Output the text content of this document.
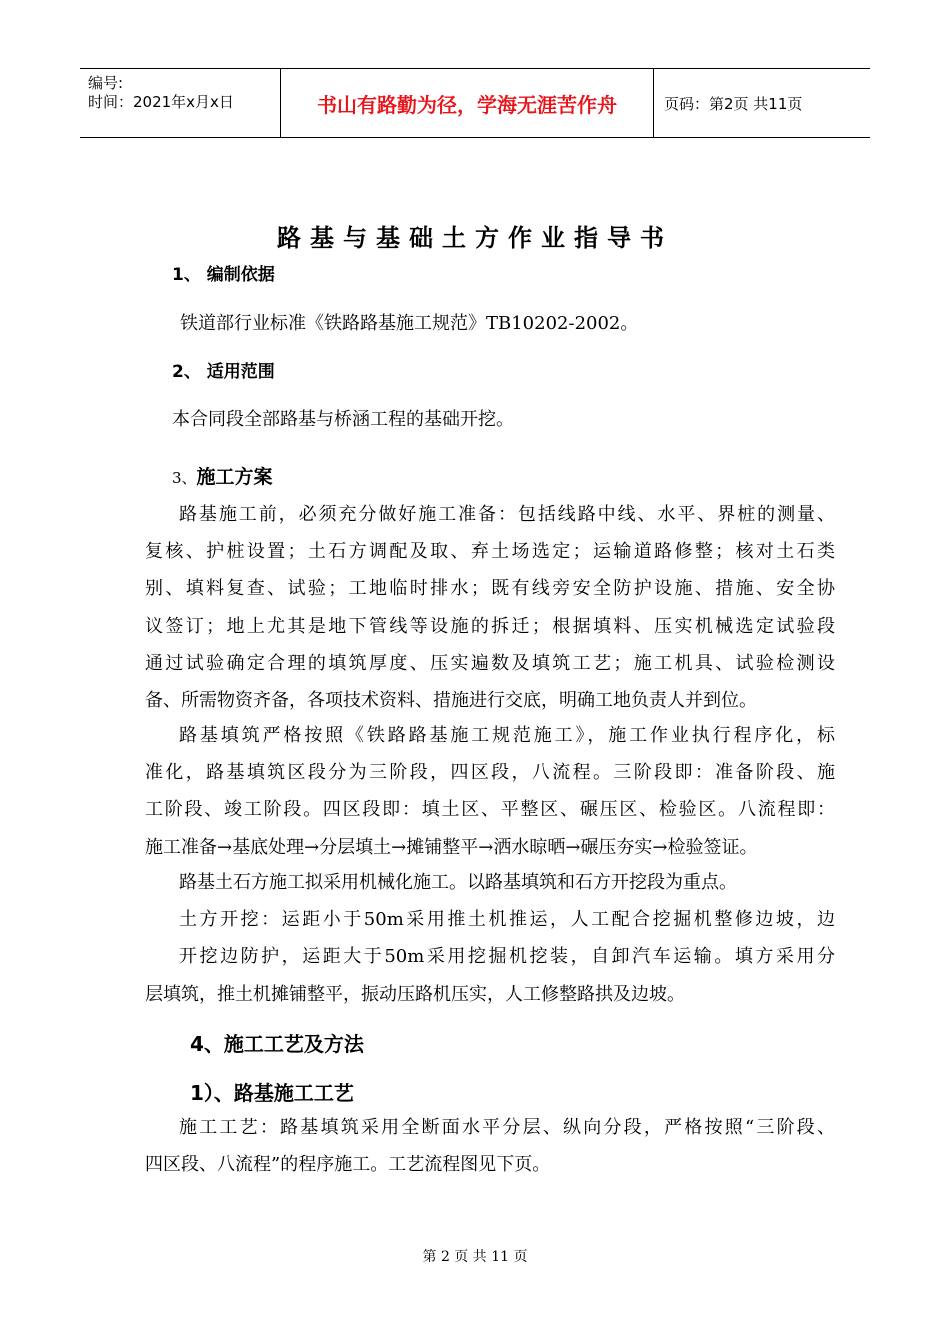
编号:
时间：2021年x月x日	书山有路勤为径，学海无涯苦作舟	页码：第2页 共11页
路基与基础土方作业指导书
1、 编制依据
铁道部行业标准《铁路路基施工规范》TB10202-2002。
2、 适用范围
本合同段全部路基与桥涵工程的基础开挖。
3、施工方案
路基施工前，必须充分做好施工准备：包括线路中线、水平、界桩的测量、
复核、护桩设置；土石方调配及取、弃土场选定；运输道路修整；核对土石类
别、填料复查、试验；工地临时排水；既有线旁安全防护设施、措施、安全协
议签订；地上尤其是地下管线等设施的拆迁；根据填料、压实机械选定试验段
通过试验确定合理的填筑厚度、压实遍数及填筑工艺；施工机具、试验检测设
备、所需物资齐备，各项技术资料、措施进行交底，明确工地负责人并到位。
路基填筑严格按照《铁路路基施工规范施工》，施工作业执行程序化，标
准化，路基填筑区段分为三阶段，四区段，八流程。三阶段即：准备阶段、施
工阶段、竣工阶段。四区段即：填土区、平整区、碾压区、检验区。八流程即：
施工准备→基底处理→分层填土→摊铺整平→洒水晾晒→碾压夯实→检验签证。
路基土石方施工拟采用机械化施工。以路基填筑和石方开挖段为重点。
土方开挖：运距小于50m采用推土机推运，人工配合挖掘机整修边坡，边
开挖边防护，运距大于50m采用挖掘机挖装，自卸汽车运输。填方采用分
层填筑，推土机摊铺整平，振动压路机压实，人工修整路拱及边坡。
4、施工工艺及方法
1）、路基施工工艺
施工工艺：路基填筑采用全断面水平分层、纵向分段，严格按照“三阶段、
四区段、八流程”的程序施工。工艺流程图见下页。
第 2 页 共 11 页
